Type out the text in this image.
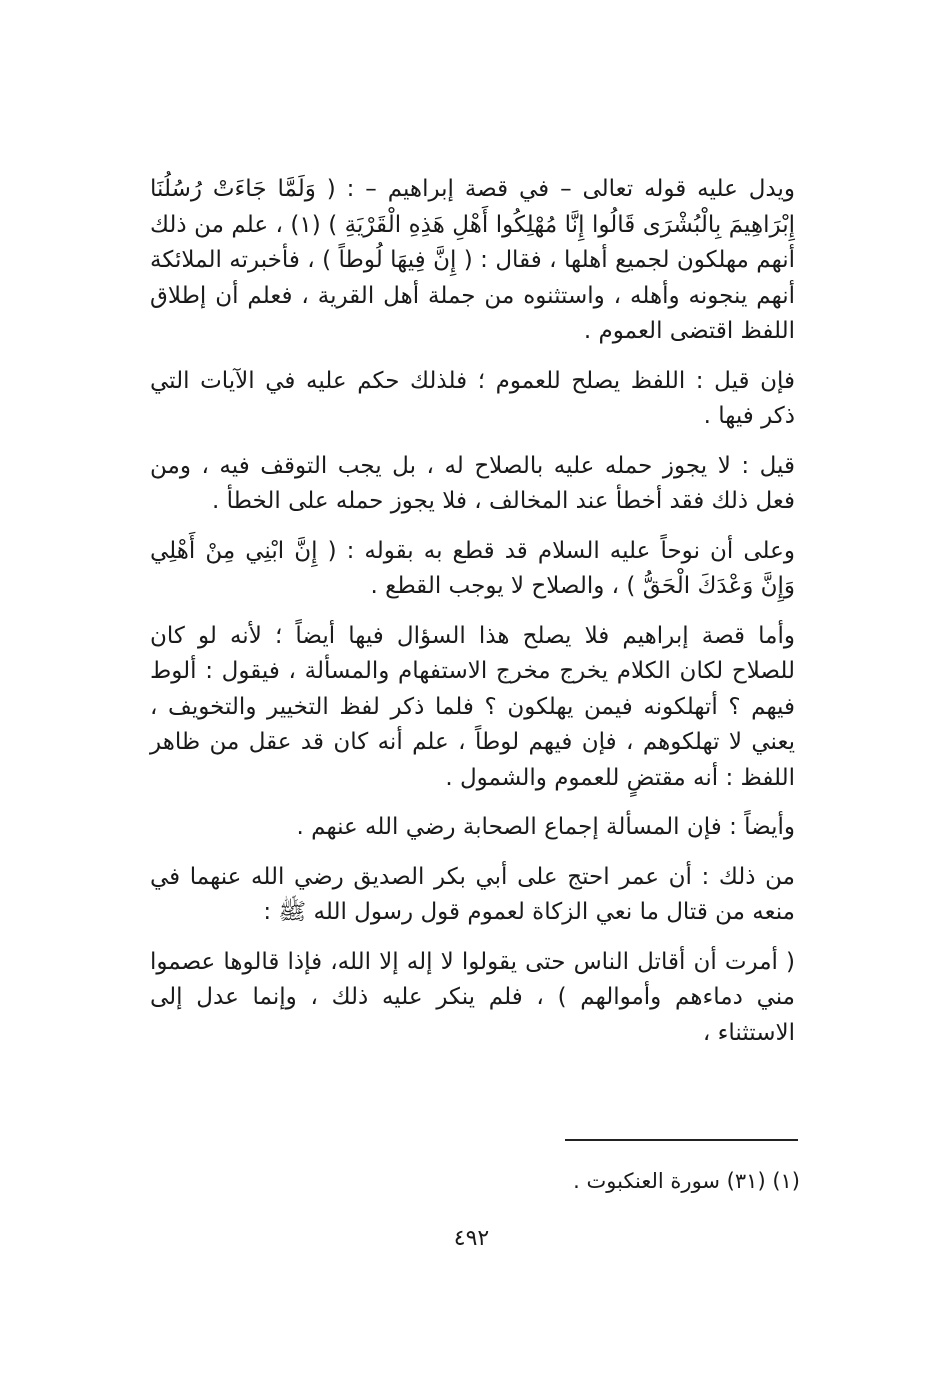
ويدل عليه قوله تعالى – في قصة إبراهيم – : ( وَلَمَّا جَاءَتْ رُسُلُنَا إِبْرَاهِيمَ بِالْبُشْرَى قَالُوا إِنَّا مُهْلِكُوا أَهْلِ هَذِهِ الْقَرْيَةِ ) (١) ، علم من ذلك أنهم مهلكون لجميع أهلها ، فقال : ( إِنَّ فِيهَا لُوطاً ) ، فأخبرته الملائكة أنهم ينجونه وأهله ، واستثنوه من جملة أهل القرية ، فعلم أن إطلاق اللفظ اقتضى العموم .

فإن قيل : اللفظ يصلح للعموم ؛ فلذلك حكم عليه في الآيات التي ذكر فيها .

قيل : لا يجوز حمله عليه بالصلاح له ، بل يجب التوقف فيه ، ومن فعل ذلك فقد أخطأ عند المخالف ، فلا يجوز حمله على الخطأ .

وعلى أن نوحاً عليه السلام قد قطع به بقوله : ( إِنَّ ابْنِي مِنْ أَهْلِي وَإِنَّ وَعْدَكَ الْحَقُّ ) ، والصلاح لا يوجب القطع .

وأما قصة إبراهيم فلا يصلح هذا السؤال فيها أيضاً ؛ لأنه لو كان للصلاح لكان الكلام يخرج مخرج الاستفهام والمسألة ، فيقول : ألوط فيهم ؟ أتهلكونه فيمن يهلكون ؟ فلما ذكر لفظ التخيير والتخويف ، يعني لا تهلكوهم ، فإن فيهم لوطاً ، علم أنه كان قد عقل من ظاهر اللفظ : أنه مقتضٍ للعموم والشمول .

وأيضاً : فإن المسألة إجماع الصحابة رضي الله عنهم .

من ذلك : أن عمر احتج على أبي بكر الصديق رضي الله عنهما في منعه من قتال ما نعي الزكاة لعموم قول رسول الله ﷺ :

( أمرت أن أقاتل الناس حتى يقولوا لا إله إلا الله، فإذا قالوها عصموا مني دماءهم وأموالهم ) ، فلم ينكر عليه ذلك ، وإنما عدل إلى الاستثناء ،

(١) (٣١) سورة العنكبوت .
٤٩٢
